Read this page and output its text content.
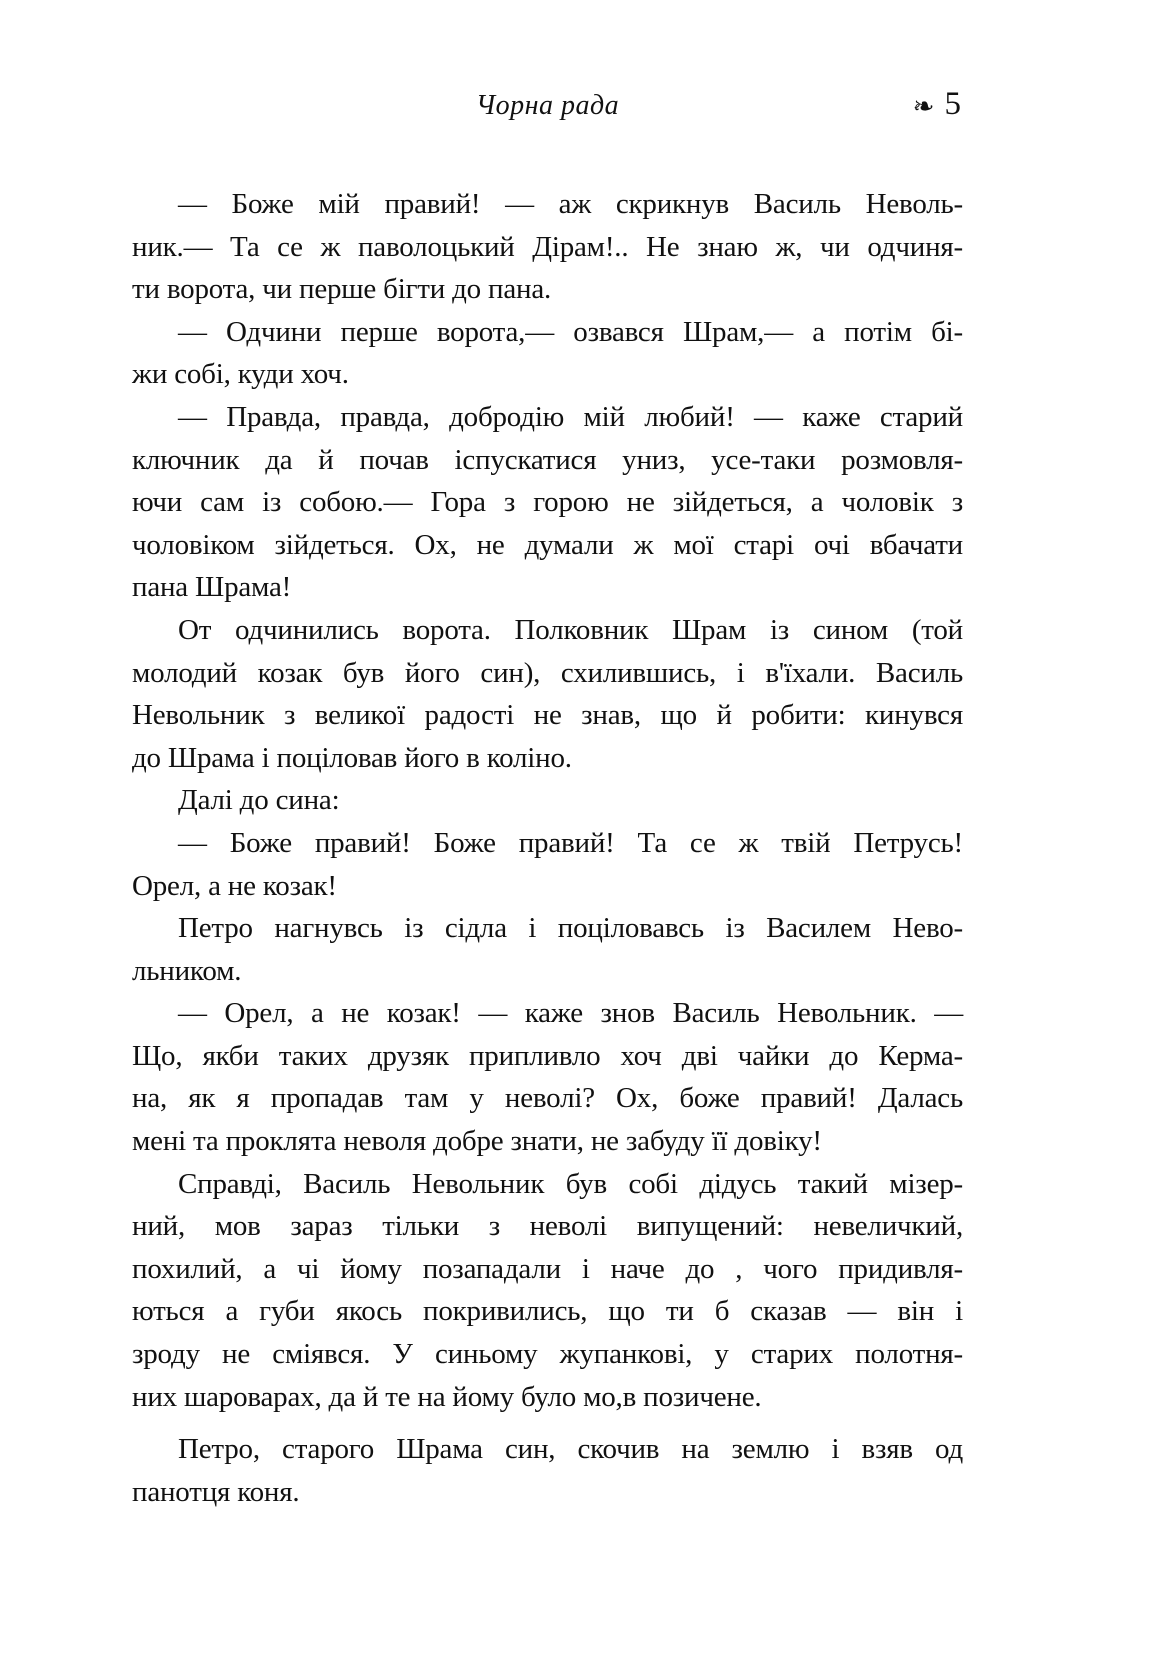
Чорна рада	❧ 5
— Боже мій правий! — аж скрикнув Василь Неволь-
ник.— Та се ж паволоцький Дірам!.. Не знаю ж, чи одчиня-
ти ворота, чи перше бігти до пана.
— Одчини перше ворота,— озвався Шрам,— а потім бі-
жи собі, куди хоч.
— Правда, правда, добродію мій любий! — каже старий
ключник да й почав іспускатися униз, усе-таки розмовля-
ючи сам із собою.— Гора з горою не зійдеться, а чоловік з
чоловіком зійдеться. Ох, не думали ж мої старі очі вбачати
пана Шрама!
От одчинились ворота. Полковник Шрам із сином (той
молодий козак був його син), схилившись, і в'їхали. Василь
Невольник з великої радості не знав, що й робити: кинувся
до Шрама і поціловав його в коліно.
Далі до сина:
— Боже правий! Боже правий! Та се ж твій Петрусь!
Орел, а не козак!
Петро нагнувсь із сідла і поціловавсь із Василем Нево-
льником.
— Орел, а не козак! — каже знов Василь Невольник. —
Що, якби таких друзяк припливло хоч дві чайки до Керма-
на, як я пропадав там у неволі? Ох, боже правий! Далась
мені та проклята неволя добре знати, не забуду її довіку!
Справді, Василь Невольник був собі дідусь такий мізер-
ний, мов зараз тільки з неволі випущений: невеличкий,
похилий, а чі йому позападали і наче до , чого придивля-
ються а губи якось покривились, що ти б сказав — він і
зроду не сміявся. У синьому жупанкові, у старих полотня-
них шароварах, да й те на йому було мо,в позичене.
Петро, старого Шрама син, скочив на землю і взяв од
панотця коня.
